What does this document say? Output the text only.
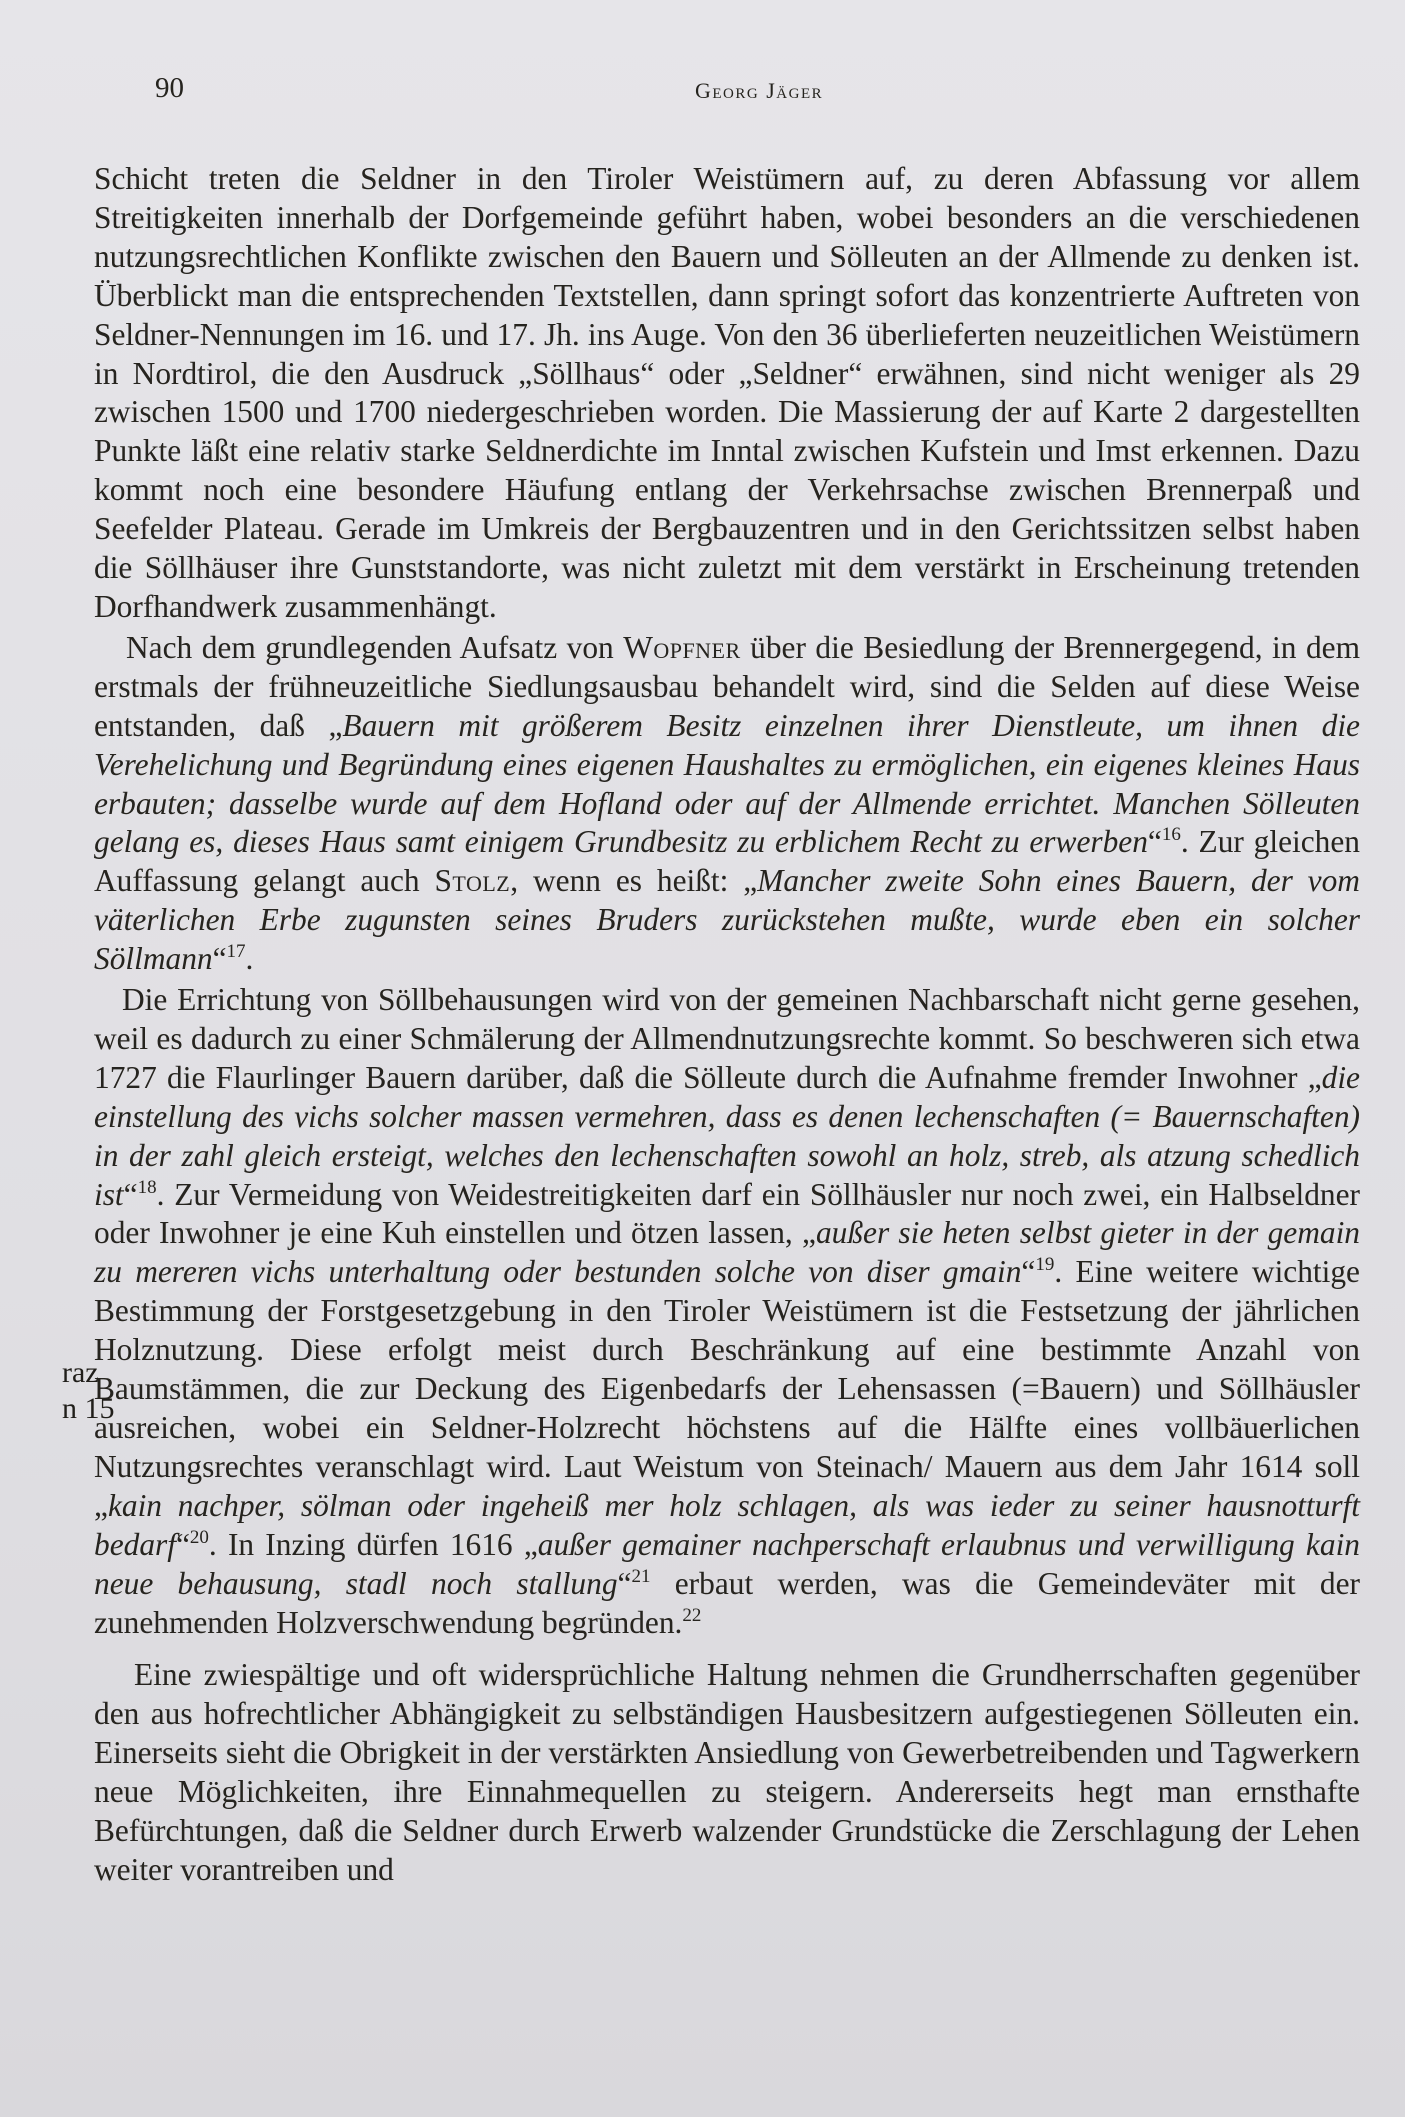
90	Georg Jäger

Schicht treten die Seldner in den Tiroler Weistümern auf, zu deren Abfassung vor allem Streitigkeiten innerhalb der Dorfgemeinde geführt haben, wobei besonders an die verschiedenen nutzungsrechtlichen Konflikte zwischen den Bauern und Sölleuten an der Allmende zu denken ist. Überblickt man die entsprechenden Textstellen, dann springt sofort das konzentrierte Auftreten von Seldner-Nennungen im 16. und 17. Jh. ins Auge. Von den 36 überlieferten neuzeitlichen Weistümern in Nordtirol, die den Ausdruck „Söllhaus“ oder „Seldner“ erwähnen, sind nicht weniger als 29 zwischen 1500 und 1700 niedergeschrieben worden. Die Massierung der auf Karte 2 dargestellten Punkte läßt eine relativ starke Seldnerdichte im Inntal zwischen Kufstein und Imst erkennen. Dazu kommt noch eine besondere Häufung entlang der Verkehrsachse zwischen Brennerpaß und Seefelder Plateau. Gerade im Umkreis der Bergbauzentren und in den Gerichtssitzen selbst haben die Söllhäuser ihre Gunststandorte, was nicht zuletzt mit dem verstärkt in Erscheinung tretenden Dorfhandwerk zusammenhängt.

Nach dem grundlegenden Aufsatz von Wopfner über die Besiedlung der Brennergegend, in dem erstmals der frühneuzeitliche Siedlungsausbau behandelt wird, sind die Selden auf diese Weise entstanden, daß „Bauern mit größerem Besitz einzelnen ihrer Dienstleute, um ihnen die Verehelichung und Begründung eines eigenen Haushaltes zu ermöglichen, ein eigenes kleines Haus erbauten; dasselbe wurde auf dem Hofland oder auf der Allmende errichtet. Manchen Sölleuten gelang es, dieses Haus samt einigem Grundbesitz zu erblichem Recht zu erwerben“$^{16}$. Zur gleichen Auffassung gelangt auch Stolz, wenn es heißt: „Mancher zweite Sohn eines Bauern, der vom väterlichen Erbe zugunsten seines Bruders zurückstehen mußte, wurde eben ein solcher Söllmann“$^{17}$.

Die Errichtung von Söllbehausungen wird von der gemeinen Nachbarschaft nicht gerne gesehen, weil es dadurch zu einer Schmälerung der Allmendnutzungsrechte kommt. So beschweren sich etwa 1727 die Flaurlinger Bauern darüber, daß die Sölleute durch die Aufnahme fremder Inwohner „die einstellung des vichs solcher massen vermehren, dass es denen lechenschaften (= Bauernschaften) in der zahl gleich ersteigt, welches den lechenschaften sowohl an holz, streb, als atzung schedlich ist“$^{18}$. Zur Vermeidung von Weidestreitigkeiten darf ein Söllhäusler nur noch zwei, ein Halbseldner oder Inwohner je eine Kuh einstellen und ötzen lassen, „außer sie heten selbst gieter in der gemain zu mereren vichs unterhaltung oder bestunden solche von diser gmain“$^{19}$. Eine weitere wichtige Bestimmung der Forstgesetzgebung in den Tiroler Weistümern ist die Festsetzung der jährlichen Holznutzung. Diese erfolgt meist durch Beschränkung auf eine bestimmte Anzahl von Baumstämmen, die zur Deckung des Eigenbedarfs der Lehensassen (=Bauern) und Söllhäusler ausreichen, wobei ein Seldner-Holzrecht höchstens auf die Hälfte eines vollbäuerlichen Nutzungsrechtes veranschlagt wird. Laut Weistum von Steinach/ Mauern aus dem Jahr 1614 soll „kain nachper, sölman oder ingeheiß mer holz schlagen, als was ieder zu seiner hausnotturft bedarf“$^{20}$. In Inzing dürfen 1616 „außer gemainer nachperschaft erlaubnus und verwilligung kain neue behausung, stadl noch stallung“$^{21}$ erbaut werden, was die Gemeindeväter mit der zunehmenden Holzverschwendung begründen.$^{22}$

Eine zwiespältige und oft widersprüchliche Haltung nehmen die Grundherrschaften gegenüber den aus hofrechtlicher Abhängigkeit zu selbständigen Hausbesitzern aufgestiegenen Sölleuten ein. Einerseits sieht die Obrigkeit in der verstärkten Ansiedlung von Gewerbetreibenden und Tagwerkern neue Möglichkeiten, ihre Einnahmequellen zu steigern. Andererseits hegt man ernsthafte Befürchtungen, daß die Seldner durch Erwerb walzender Grundstücke die Zerschlagung der Lehen weiter vorantreiben und

raz
n 15
